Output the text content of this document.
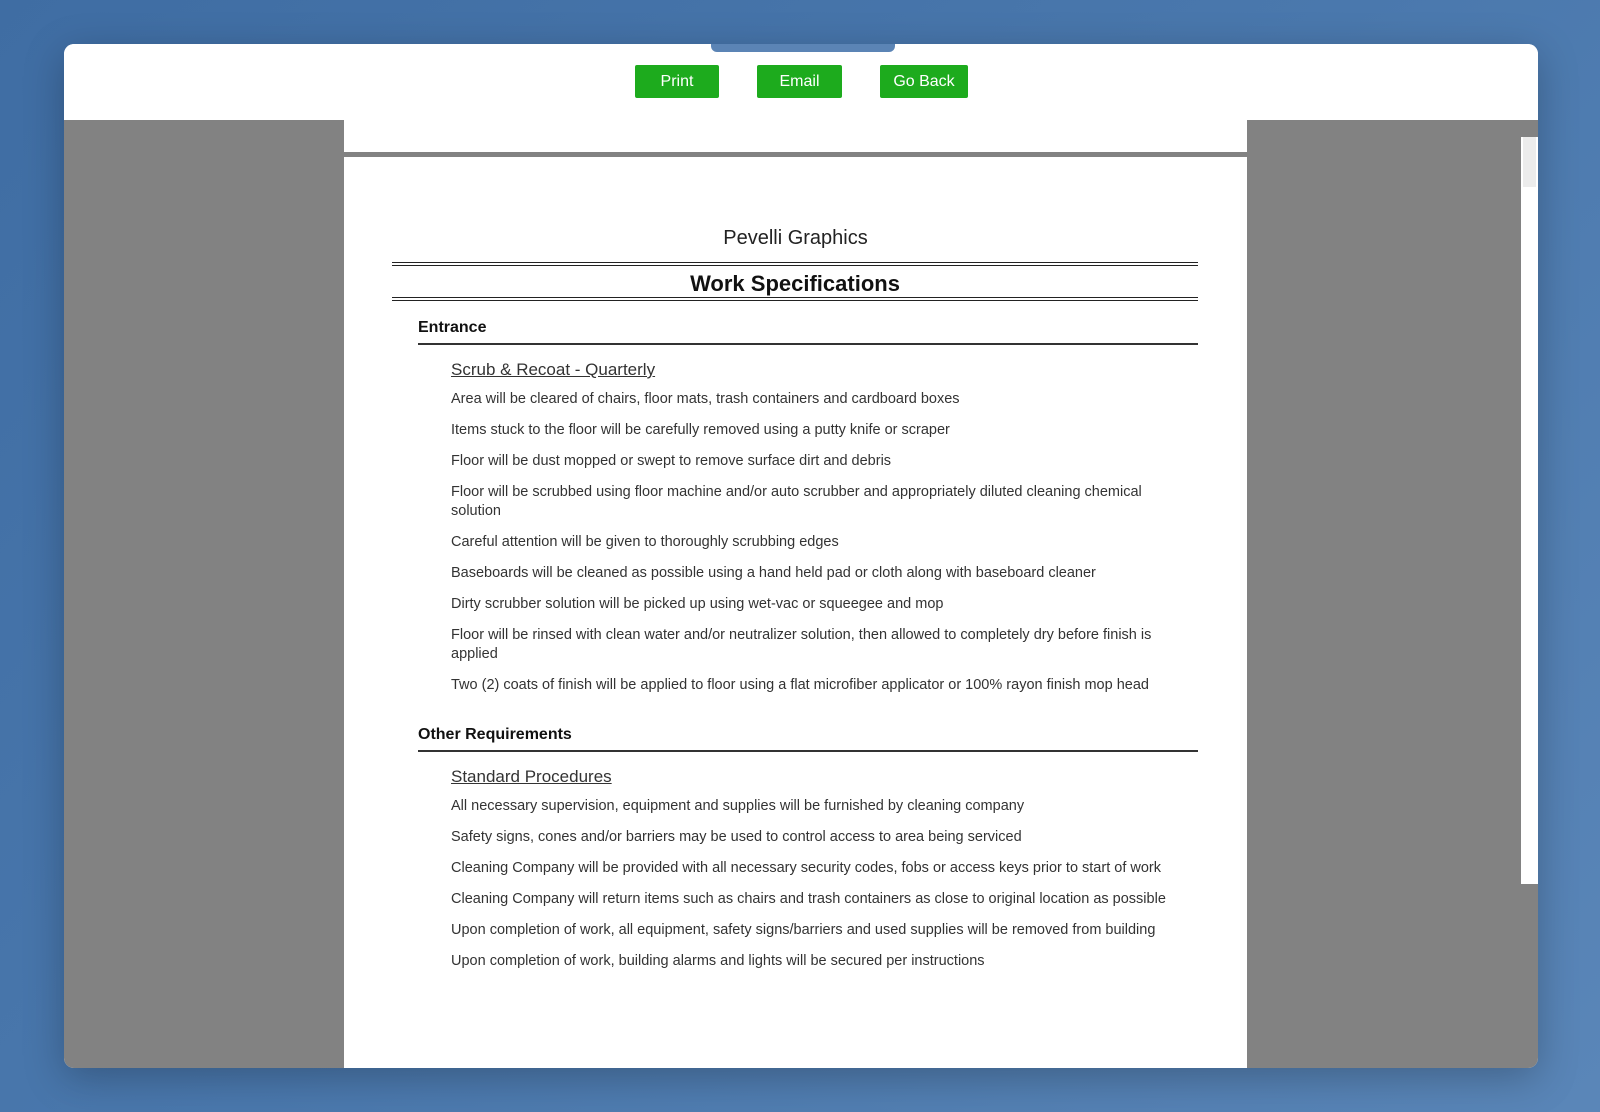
Print	Email	Go Back
Pevelli Graphics
Work Specifications
Entrance
Scrub & Recoat - Quarterly
Area will be cleared of chairs, floor mats, trash containers and cardboard boxes
Items stuck to the floor will be carefully removed using a putty knife or scraper
Floor will be dust mopped or swept to remove surface dirt and debris
Floor will be scrubbed using floor machine and/or auto scrubber and appropriately diluted cleaning chemical solution
Careful attention will be given to thoroughly scrubbing edges
Baseboards will be cleaned as possible using a hand held pad or cloth along with baseboard cleaner
Dirty scrubber solution will be picked up using wet-vac or squeegee and mop
Floor will be rinsed with clean water and/or neutralizer solution, then allowed to completely dry before finish is applied
Two (2) coats of finish will be applied to floor using a flat microfiber applicator or 100% rayon finish mop head
Other Requirements
Standard Procedures
All necessary supervision, equipment and supplies will be furnished by cleaning company
Safety signs, cones and/or barriers may be used to control access to area being serviced
Cleaning Company will be provided with all necessary security codes, fobs or access keys prior to start of work
Cleaning Company will return items such as chairs and trash containers as close to original location as possible
Upon completion of work, all equipment, safety signs/barriers and used supplies will be removed from building
Upon completion of work, building alarms and lights will be secured per instructions
